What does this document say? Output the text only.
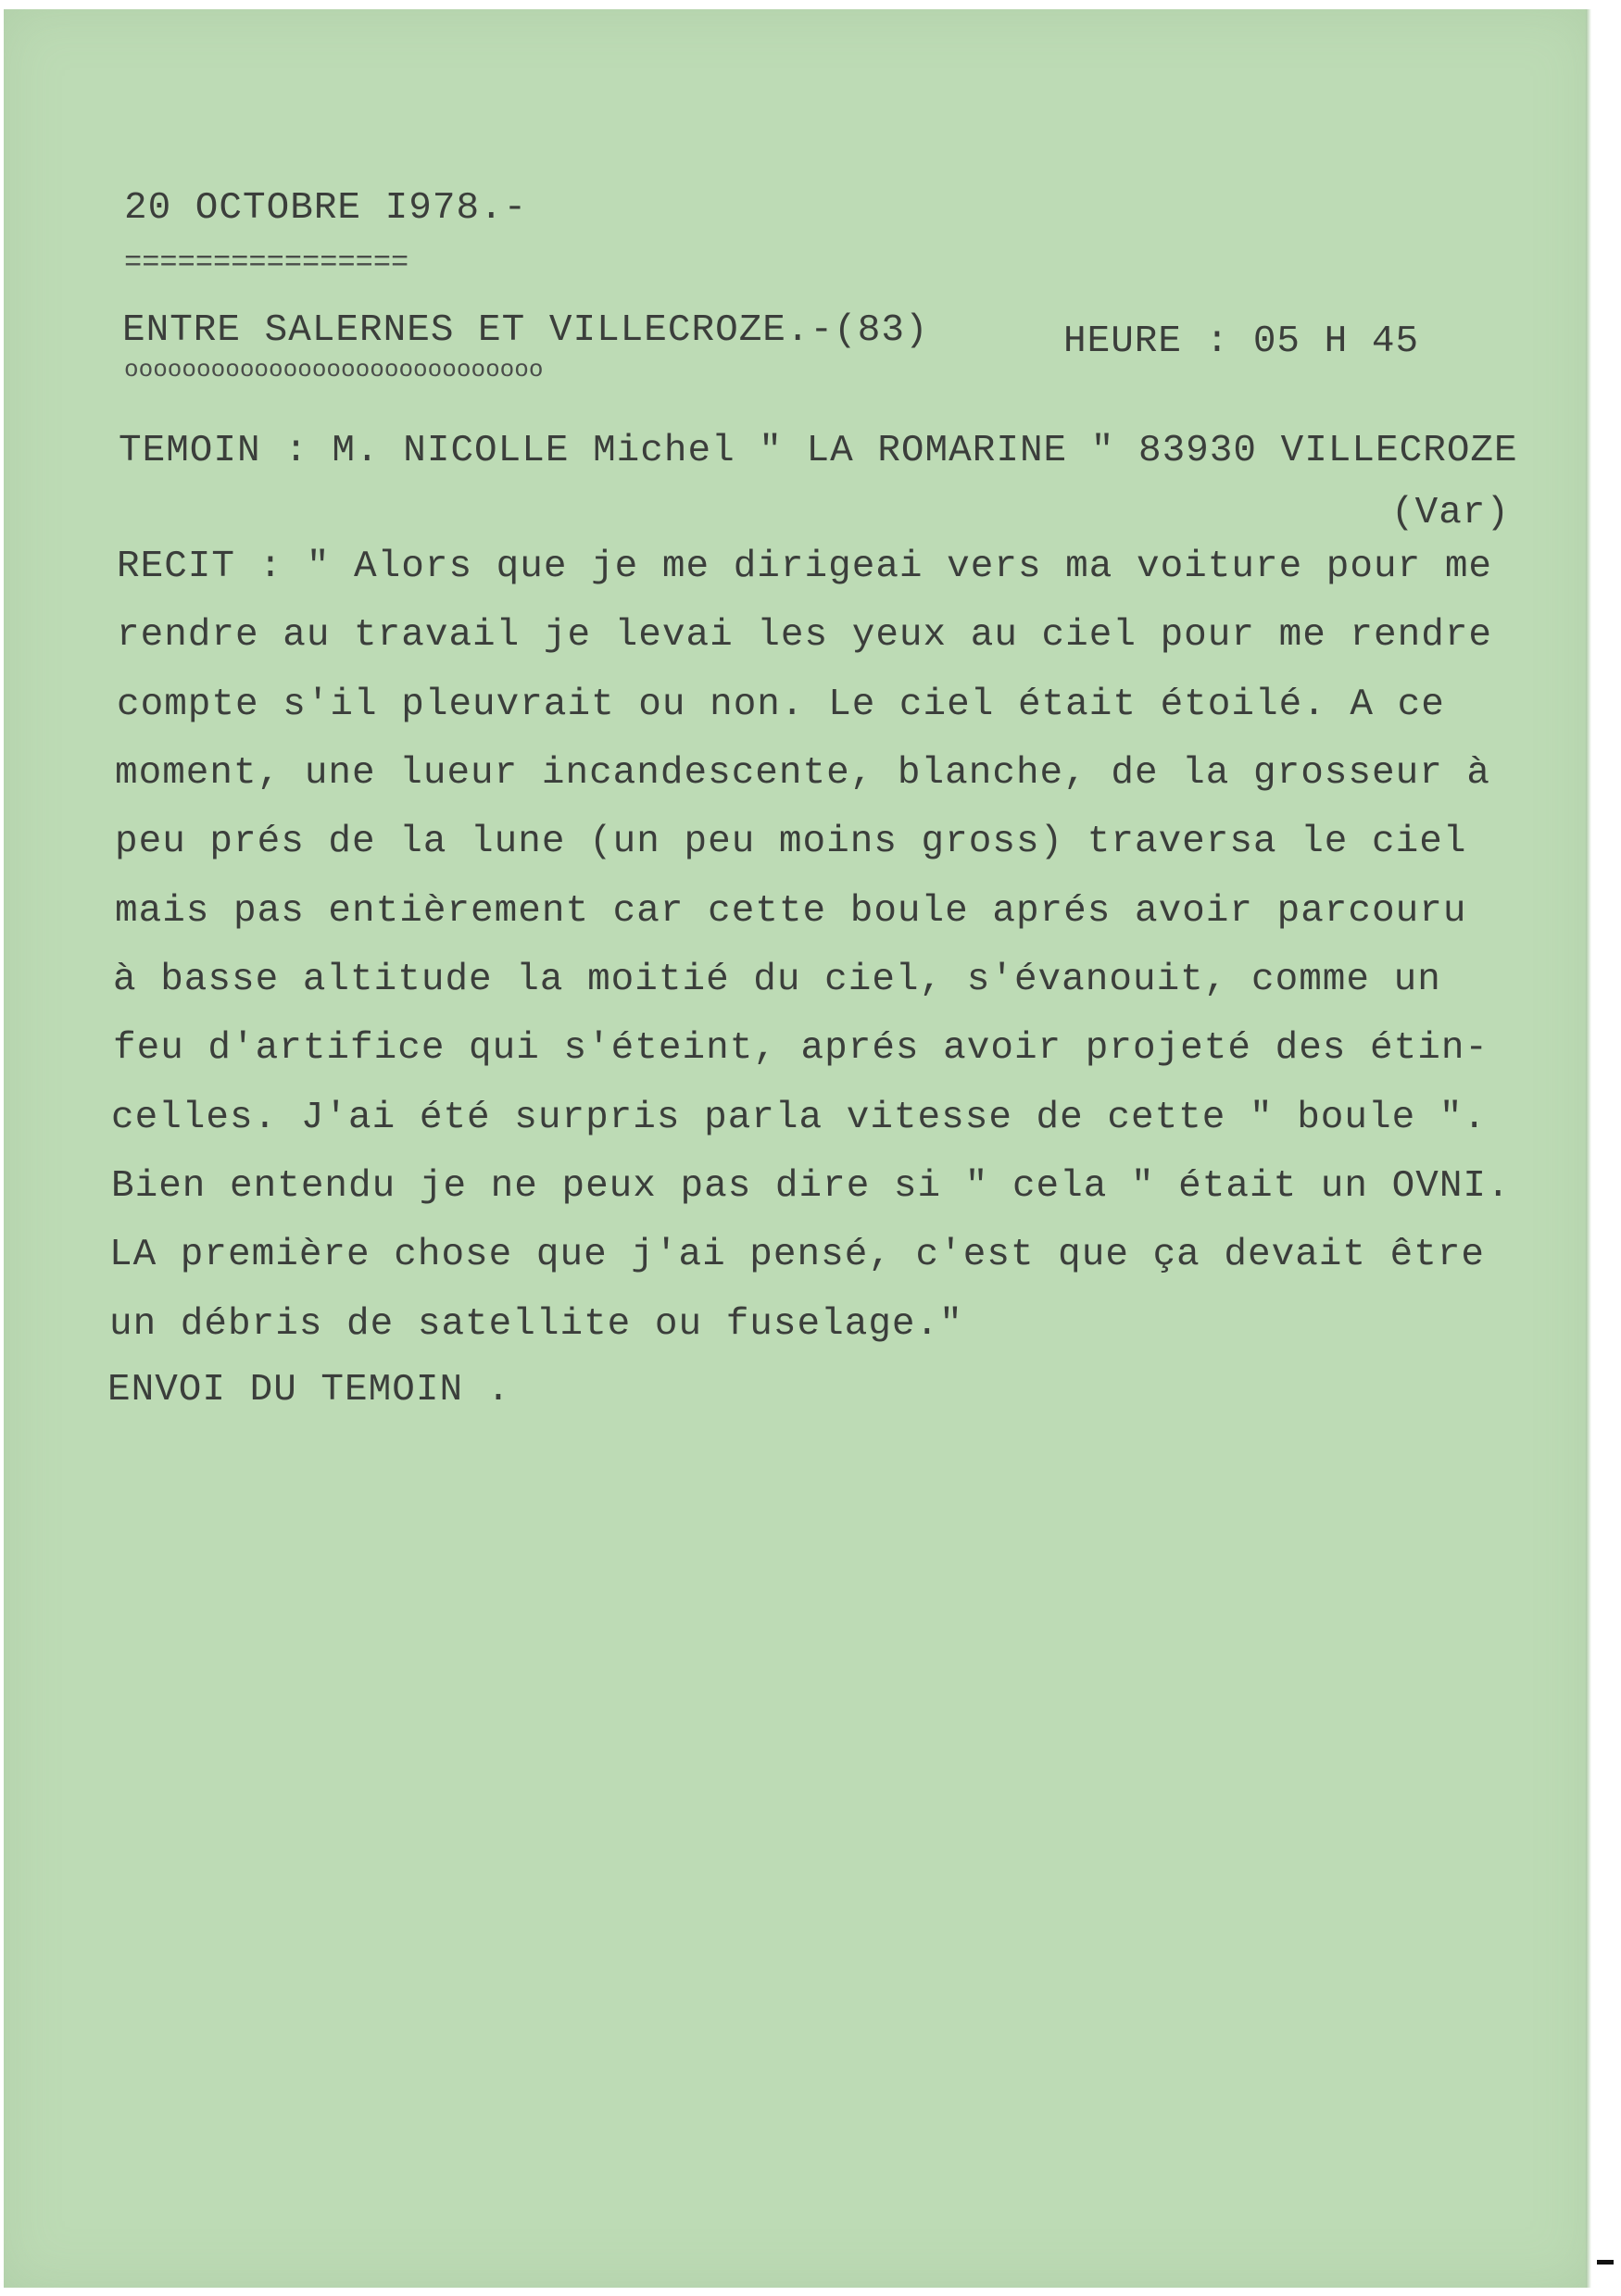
20 OCTOBRE I978.-
================
ENTRE SALERNES ET VILLECROZE.-(83)
ooooooooooooooooooooooooooooo
HEURE : 05 H 45
TEMOIN : M. NICOLLE Michel " LA ROMARINE " 83930 VILLECROZE
(Var)
RECIT : " Alors que je me dirigeai vers ma voiture pour me
rendre au travail je levai les yeux au ciel pour me rendre
compte s'il pleuvrait ou non. Le ciel était étoilé. A ce
moment, une lueur incandescente, blanche, de la grosseur à
peu prés de la lune (un peu moins gross) traversa le ciel
mais pas entièrement car cette boule aprés avoir parcouru
à basse altitude la moitié du ciel, s'évanouit, comme un
feu d'artifice qui s'éteint, aprés avoir projeté des étin-
celles. J'ai été surpris parla vitesse de cette " boule ".
Bien entendu je ne peux pas dire si " cela " était un OVNI.
LA première chose que j'ai pensé, c'est que ça devait être
un débris de satellite ou fuselage."
ENVOI DU TEMOIN .
